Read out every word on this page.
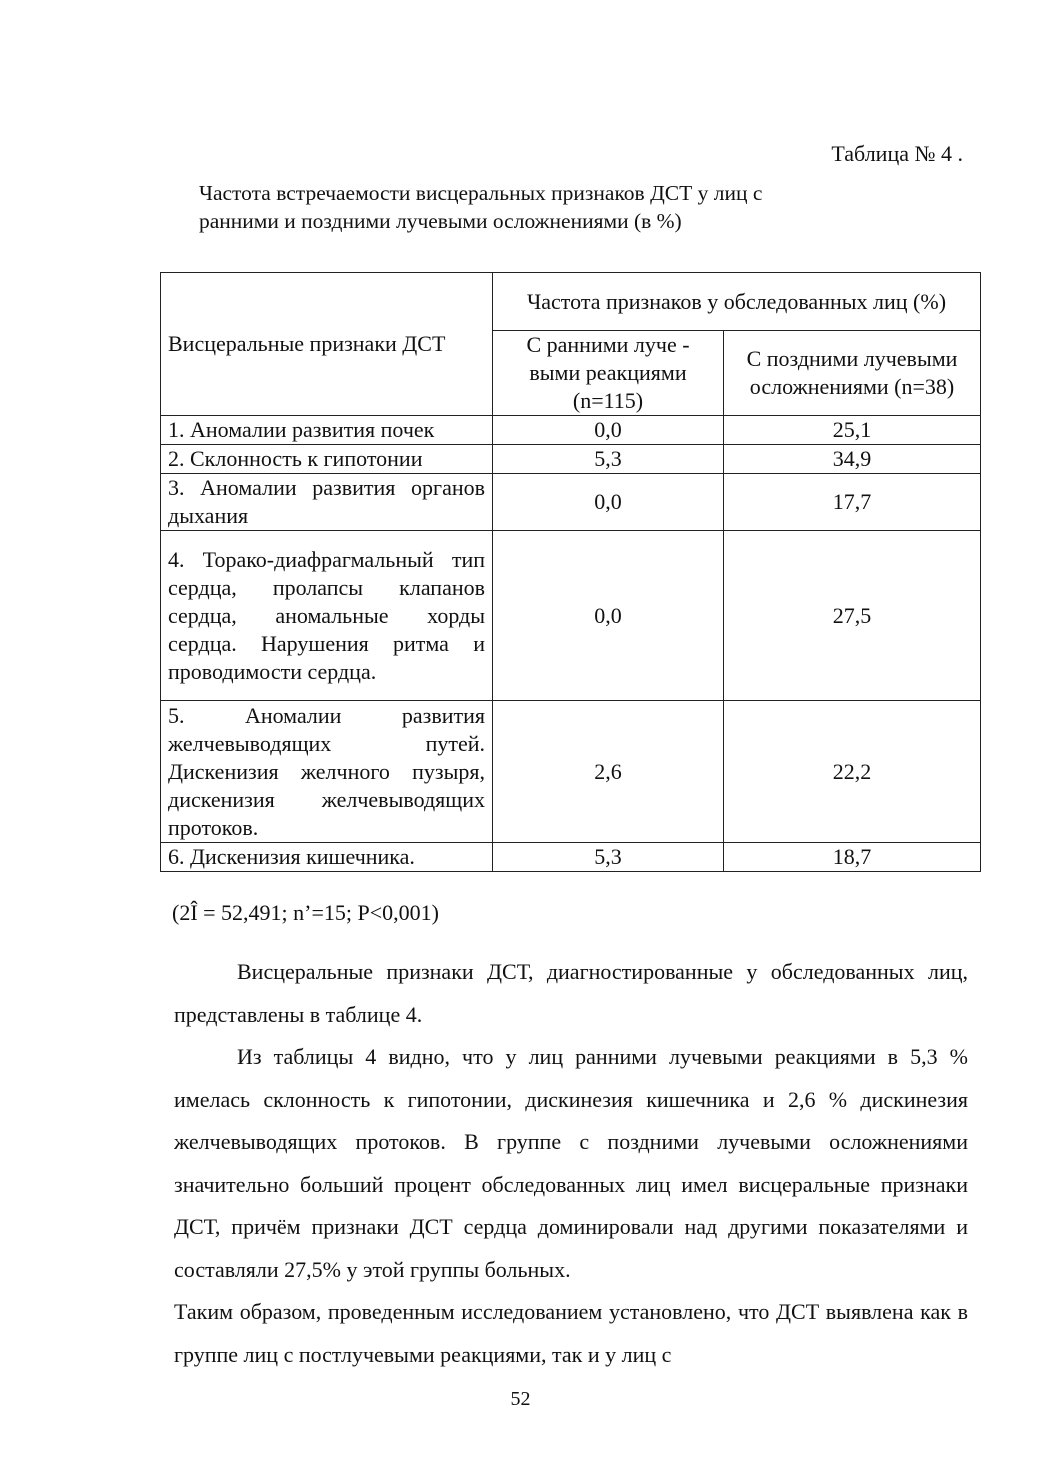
Таблица № 4 .
Частота встречаемости висцеральных признаков ДСТ у лиц с
ранними и поздними лучевыми осложнениями (в %)
Висцеральные признаки ДСТ	Частота признаков у обследованных лиц (%)	
	С ранними луче - выми реакциями (n=115)	С поздними лучевыми осложнениями (n=38)
1. Аномалии развития почек	0,0	25,1
2. Склонность к гипотонии	5,3	34,9
3. Аномалии развития органов дыхания	0,0	17,7
4. Торако-диафрагмальный тип сердца, пролапсы клапанов сердца, аномальные хорды сердца. Нарушения ритма и проводимости сердца.	0,0	27,5
5. Аномалии развития желчевыводящих путей. Дискенизия желчного пузыря, дискенизия желчевыводящих протоков.	2,6	22,2
6. Дискенизия кишечника.	5,3	18,7
(2Î = 52,491; n’=15; P<0,001)

Висцеральные признаки ДСТ, диагностированные у обследованных лиц, представлены в таблице 4.

Из таблицы 4 видно, что у лиц ранними лучевыми реакциями в 5,3 % имелась склонность к гипотонии, дискинезия кишечника и 2,6 % дискинезия желчевыводящих протоков. В группе с поздними лучевыми осложнениями значительно больший процент обследованных лиц имел висцеральные признаки ДСТ, причём признаки ДСТ сердца доминировали над другими показателями и составляли 27,5% у этой группы больных.

Таким образом, проведенным исследованием установлено, что ДСТ выявлена как в группе лиц с постлучевыми реакциями, так и у лиц с

52
